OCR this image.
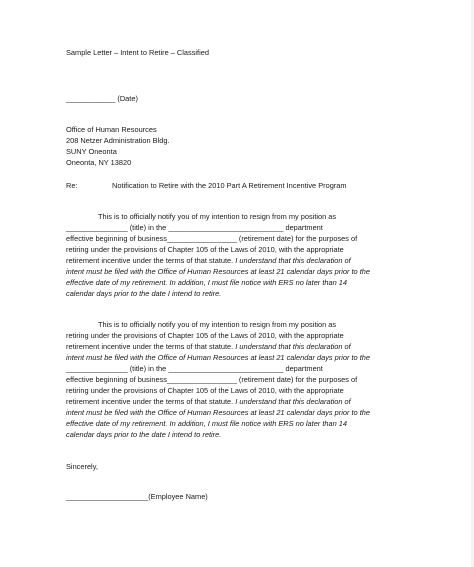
Sample Letter – Intent to Retire – Classified
____________ (Date)
Office of Human Resources
208 Netzer Administration Bldg.
SUNY Oneonta
Oneonta, NY 13820
Re:	Notification to Retire with the 2010 Part A Retirement Incentive Program
This is to officially notify you of my intention to resign from my position as
_______________ (title) in the ____________________________ department
effective beginning of business_________________ (retirement date) for the purposes of
retiring under the provisions of Chapter 105 of the Laws of 2010, with the appropriate
retirement incentive under the terms of that statute. I understand that this declaration of
intent must be filed with the Office of Human Resources at least 21 calendar days prior to the
effective date of my retirement. In addition, I must file notice with ERS no later than 14
calendar days prior to the date I intend to retire.
This is to officially notify you of my intention to resign from my position as
retiring under the provisions of Chapter 105 of the Laws of 2010, with the appropriate
retirement incentive under the terms of that statute. I understand that this declaration of
intent must be filed with the Office of Human Resources at least 21 calendar days prior to the
_______________ (title) in the ____________________________ department
effective beginning of business_________________ (retirement date) for the purposes of
retiring under the provisions of Chapter 105 of the Laws of 2010, with the appropriate
retirement incentive under the terms of that statute. I understand that this declaration of
intent must be filed with the Office of Human Resources at least 21 calendar days prior to the
effective date of my retirement. In addition, I must file notice with ERS no later than 14
calendar days prior to the date I intend to retire.
Sincerely,
____________________(Employee Name)
